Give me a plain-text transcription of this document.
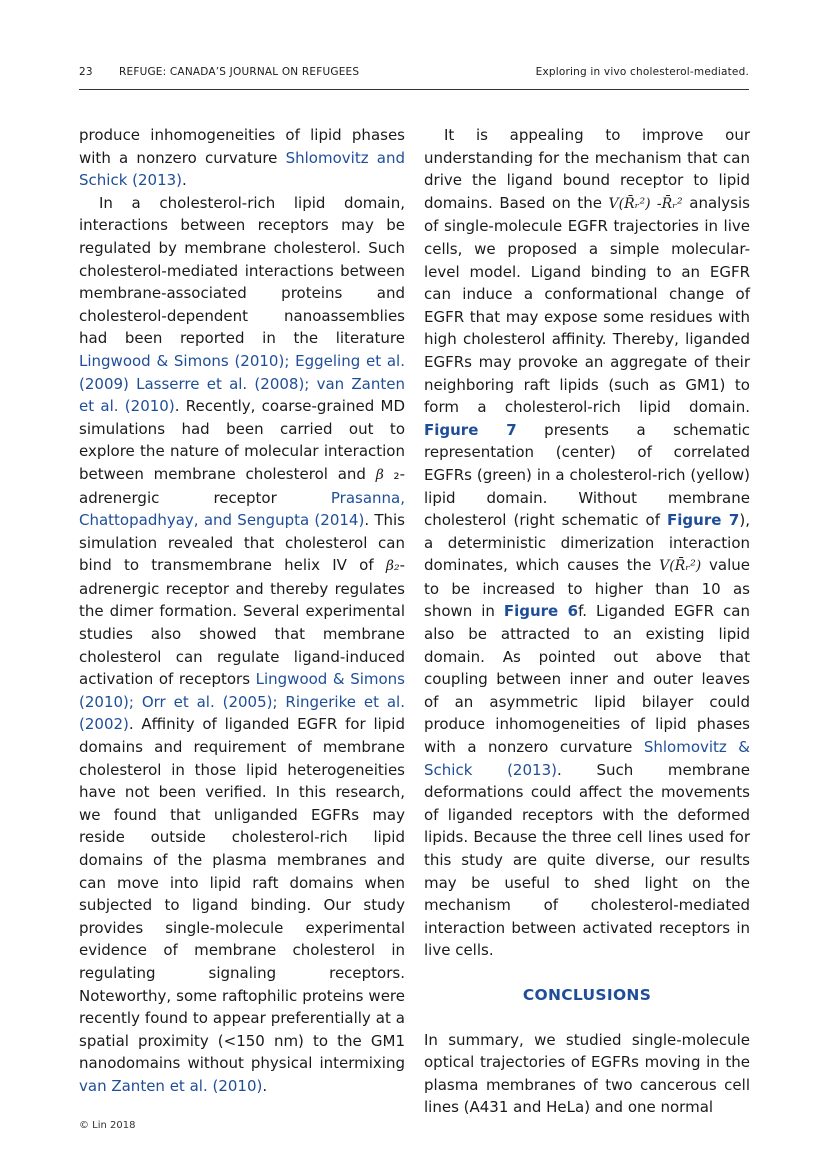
23 REFUGE: CANADA’S JOURNAL ON REFUGEES	Exploring in vivo cholesterol-mediated.

produce inhomogeneities of lipid phases with a nonzero curvature Shlomovitz and Schick (2013).

In a cholesterol-rich lipid domain, interactions between receptors may be regulated by membrane cholesterol. Such cholesterol-mediated interactions between membrane-associated proteins and cholesterol-dependent nanoassemblies had been reported in the literature Lingwood & Simons (2010); Eggeling et al. (2009) Lasserre et al. (2008); van Zanten et al. (2010). Recently, coarse-grained MD simulations had been carried out to explore the nature of molecular interaction between membrane cholesterol and β ₂-adrenergic receptor Prasanna, Chattopadhyay, and Sengupta (2014). This simulation revealed that cholesterol can bind to transmembrane helix IV of β₂-adrenergic receptor and thereby regulates the dimer formation. Several experimental studies also showed that membrane cholesterol can regulate ligand-induced activation of receptors Lingwood & Simons (2010); Orr et al. (2005); Ringerike et al. (2002). Affinity of liganded EGFR for lipid domains and requirement of membrane cholesterol in those lipid heterogeneities have not been verified. In this research, we found that unliganded EGFRs may reside outside cholesterol-rich lipid domains of the plasma membranes and can move into lipid raft domains when subjected to ligand binding. Our study provides single-molecule experimental evidence of membrane cholesterol in regulating signaling receptors. Noteworthy, some raftophilic proteins were recently found to appear preferentially at a spatial proximity (<150 nm) to the GM1 nanodomains without physical intermixing van Zanten et al. (2010).

It is appealing to improve our understanding for the mechanism that can drive the ligand bound receptor to lipid domains. Based on the V(R̄ᵣ²) -R̄ᵣ² analysis of single-molecule EGFR trajectories in live cells, we proposed a simple molecular-level model. Ligand binding to an EGFR can induce a conformational change of EGFR that may expose some residues with high cholesterol affinity. Thereby, liganded EGFRs may provoke an aggregate of their neighboring raft lipids (such as GM1) to form a cholesterol-rich lipid domain. Figure 7 presents a schematic representation (center) of correlated EGFRs (green) in a cholesterol-rich (yellow) lipid domain. Without membrane cholesterol (right schematic of Figure 7), a deterministic dimerization interaction dominates, which causes the V(R̄ᵣ²) value to be increased to higher than 10 as shown in Figure 6f. Liganded EGFR can also be attracted to an existing lipid domain. As pointed out above that coupling between inner and outer leaves of an asymmetric lipid bilayer could produce inhomogeneities of lipid phases with a nonzero curvature Shlomovitz & Schick (2013). Such membrane deformations could affect the movements of liganded receptors with the deformed lipids. Because the three cell lines used for this study are quite diverse, our results may be useful to shed light on the mechanism of cholesterol-mediated interaction between activated receptors in live cells.

CONCLUSIONS

In summary, we studied single-molecule optical trajectories of EGFRs moving in the plasma membranes of two cancerous cell lines (A431 and HeLa) and one normal

© Lin 2018
